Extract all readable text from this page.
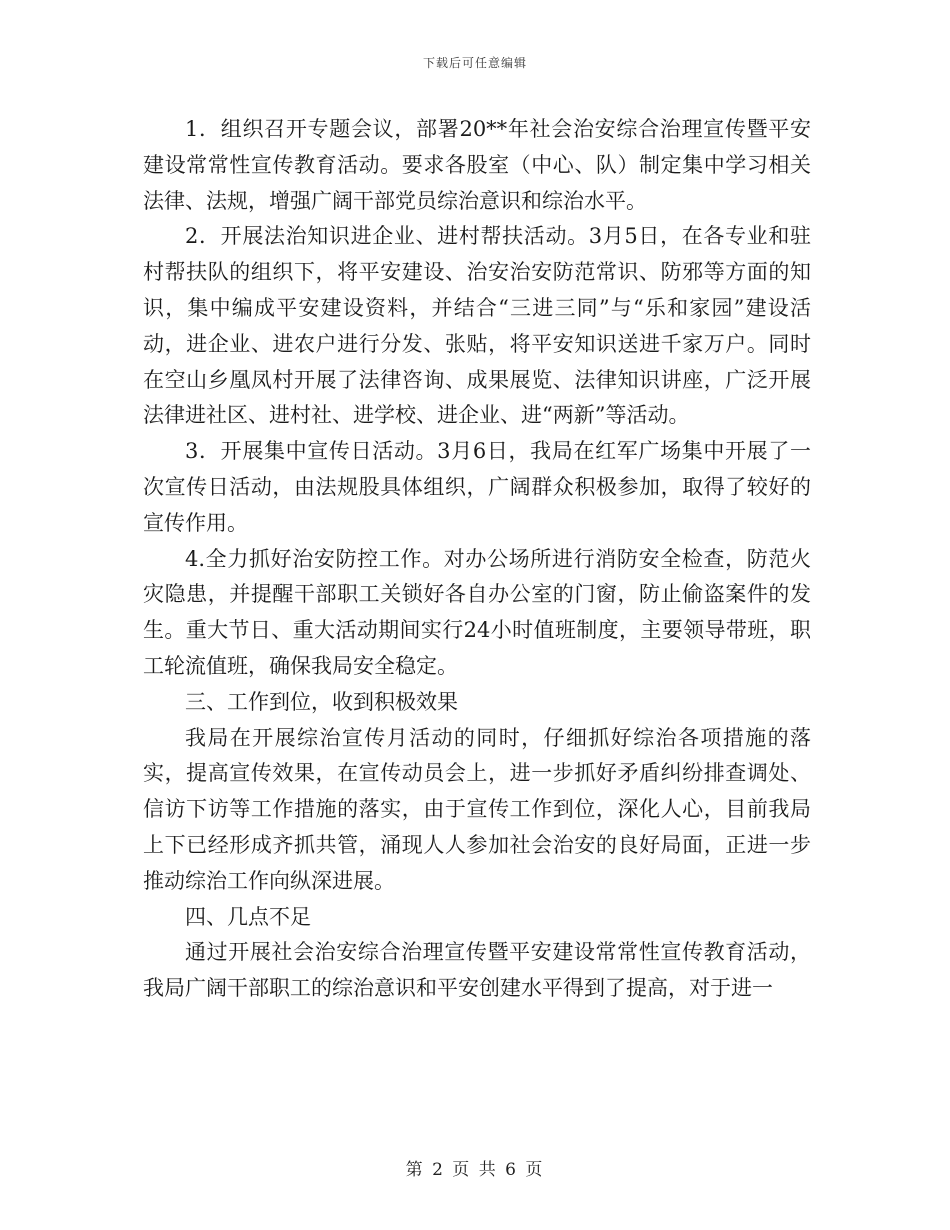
下载后可任意编辑

1．组织召开专题会议，部署20**年社会治安综合治理宣传暨平安建设常常性宣传教育活动。要求各股室（中心、队）制定集中学习相关法律、法规，增强广阔干部党员综治意识和综治水平。

2．开展法治知识进企业、进村帮扶活动。3月5日，在各专业和驻村帮扶队的组织下，将平安建设、治安治安防范常识、防邪等方面的知识，集中编成平安建设资料，并结合“三进三同”与“乐和家园”建设活动，进企业、进农户进行分发、张贴，将平安知识送进千家万户。同时在空山乡凰凤村开展了法律咨询、成果展览、法律知识讲座，广泛开展法律进社区、进村社、进学校、进企业、进“两新”等活动。

3．开展集中宣传日活动。3月6日，我局在红军广场集中开展了一次宣传日活动，由法规股具体组织，广阔群众积极参加，取得了较好的宣传作用。

4.全力抓好治安防控工作。对办公场所进行消防安全检查，防范火灾隐患，并提醒干部职工关锁好各自办公室的门窗，防止偷盗案件的发生。重大节日、重大活动期间实行24小时值班制度，主要领导带班，职工轮流值班，确保我局安全稳定。

三、工作到位，收到积极效果

我局在开展综治宣传月活动的同时，仔细抓好综治各项措施的落实，提高宣传效果，在宣传动员会上，进一步抓好矛盾纠纷排查调处、信访下访等工作措施的落实，由于宣传工作到位，深化人心，目前我局上下已经形成齐抓共管，涌现人人参加社会治安的良好局面，正进一步推动综治工作向纵深进展。

四、几点不足

通过开展社会治安综合治理宣传暨平安建设常常性宣传教育活动，我局广阔干部职工的综治意识和平安创建水平得到了提高，对于进一

第 2 页 共 6 页
